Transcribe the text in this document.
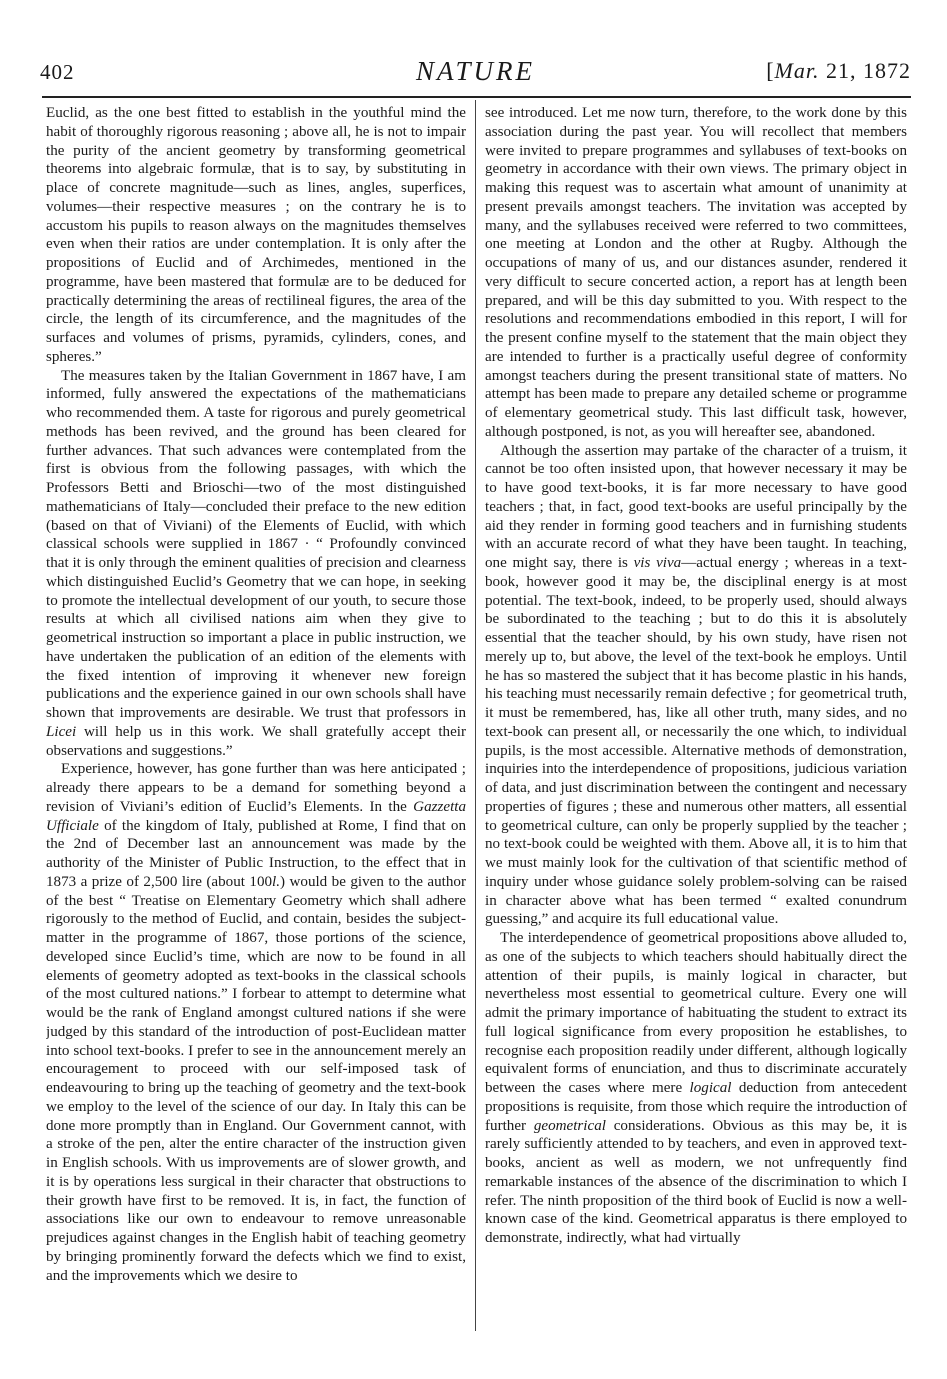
402	NATURE	[Mar. 21, 1872

Euclid, as the one best fitted to establish in the youthful mind the habit of thoroughly rigorous reasoning ; above all, he is not to impair the purity of the ancient geometry by transforming geometrical theorems into algebraic formulæ, that is to say, by substituting in place of concrete magnitude—such as lines, angles, superfices, volumes—their respective measures ; on the contrary he is to accustom his pupils to reason always on the magnitudes themselves even when their ratios are under contemplation. It is only after the propositions of Euclid and of Archimedes, mentioned in the programme, have been mastered that formulæ are to be deduced for practically determining the areas of rectilineal figures, the area of the circle, the length of its circumference, and the magnitudes of the surfaces and volumes of prisms, pyramids, cylinders, cones, and spheres.”

The measures taken by the Italian Government in 1867 have, I am informed, fully answered the expectations of the mathematicians who recommended them. A taste for rigorous and purely geometrical methods has been revived, and the ground has been cleared for further advances. That such advances were contemplated from the first is obvious from the following passages, with which the Professors Betti and Brioschi—two of the most distinguished mathematicians of Italy—concluded their preface to the new edition (based on that of Viviani) of the Elements of Euclid, with which classical schools were supplied in 1867 · “ Profoundly convinced that it is only through the eminent qualities of precision and clearness which distinguished Euclid’s Geometry that we can hope, in seeking to promote the intellectual development of our youth, to secure those results at which all civilised nations aim when they give to geometrical instruction so important a place in public instruction, we have undertaken the publication of an edition of the elements with the fixed intention of improving it whenever new foreign publications and the experience gained in our own schools shall have shown that improvements are desirable. We trust that professors in Licei will help us in this work. We shall gratefully accept their observations and suggestions.”

Experience, however, has gone further than was here anticipated ; already there appears to be a demand for something beyond a revision of Viviani’s edition of Euclid’s Elements. In the Gazzetta Ufficiale of the kingdom of Italy, published at Rome, I find that on the 2nd of December last an announcement was made by the authority of the Minister of Public Instruction, to the effect that in 1873 a prize of 2,500 lire (about 100l.) would be given to the author of the best “ Treatise on Elementary Geometry which shall adhere rigorously to the method of Euclid, and contain, besides the subject-matter in the programme of 1867, those portions of the science, developed since Euclid’s time, which are now to be found in all elements of geometry adopted as text-books in the classical schools of the most cultured nations.” I forbear to attempt to determine what would be the rank of England amongst cultured nations if she were judged by this standard of the introduction of post-Euclidean matter into school text-books. I prefer to see in the announcement merely an encouragement to proceed with our self-imposed task of endeavouring to bring up the teaching of geometry and the text-book we employ to the level of the science of our day. In Italy this can be done more promptly than in England. Our Government cannot, with a stroke of the pen, alter the entire character of the instruction given in English schools. With us improvements are of slower growth, and it is by operations less surgical in their character that obstructions to their growth have first to be removed. It is, in fact, the function of associations like our own to endeavour to remove unreasonable prejudices against changes in the English habit of teaching geometry by bringing prominently forward the defects which we find to exist, and the improvements which we desire to

see introduced. Let me now turn, therefore, to the work done by this association during the past year. You will recollect that members were invited to prepare programmes and syllabuses of text-books on geometry in accordance with their own views. The primary object in making this request was to ascertain what amount of unanimity at present prevails amongst teachers. The invitation was accepted by many, and the syllabuses received were referred to two committees, one meeting at London and the other at Rugby. Although the occupations of many of us, and our distances asunder, rendered it very difficult to secure concerted action, a report has at length been prepared, and will be this day submitted to you. With respect to the resolutions and recommendations embodied in this report, I will for the present confine myself to the statement that the main object they are intended to further is a practically useful degree of conformity amongst teachers during the present transitional state of matters. No attempt has been made to prepare any detailed scheme or programme of elementary geometrical study. This last difficult task, however, although postponed, is not, as you will hereafter see, abandoned.

Although the assertion may partake of the character of a truism, it cannot be too often insisted upon, that however necessary it may be to have good text-books, it is far more necessary to have good teachers ; that, in fact, good text-books are useful principally by the aid they render in forming good teachers and in furnishing students with an accurate record of what they have been taught. In teaching, one might say, there is vis viva—actual energy ; whereas in a text-book, however good it may be, the disciplinal energy is at most potential. The text-book, indeed, to be properly used, should always be subordinated to the teaching ; but to do this it is absolutely essential that the teacher should, by his own study, have risen not merely up to, but above, the level of the text-book he employs. Until he has so mastered the subject that it has become plastic in his hands, his teaching must necessarily remain defective ; for geometrical truth, it must be remembered, has, like all other truth, many sides, and no text-book can present all, or necessarily the one which, to individual pupils, is the most accessible. Alternative methods of demonstration, inquiries into the interdependence of propositions, judicious variation of data, and just discrimination between the contingent and necessary properties of figures ; these and numerous other matters, all essential to geometrical culture, can only be properly supplied by the teacher ; no text-book could be weighted with them. Above all, it is to him that we must mainly look for the cultivation of that scientific method of inquiry under whose guidance solely problem-solving can be raised in character above what has been termed “ exalted conundrum guessing,” and acquire its full educational value.

The interdependence of geometrical propositions above alluded to, as one of the subjects to which teachers should habitually direct the attention of their pupils, is mainly logical in character, but nevertheless most essential to geometrical culture. Every one will admit the primary importance of habituating the student to extract its full logical significance from every proposition he establishes, to recognise each proposition readily under different, although logically equivalent forms of enunciation, and thus to discriminate accurately between the cases where mere logical deduction from antecedent propositions is requisite, from those which require the introduction of further geometrical considerations. Obvious as this may be, it is rarely sufficiently attended to by teachers, and even in approved text-books, ancient as well as modern, we not unfrequently find remarkable instances of the absence of the discrimination to which I refer. The ninth proposition of the third book of Euclid is now a well-known case of the kind. Geometrical apparatus is there employed to demonstrate, indirectly, what had virtually
